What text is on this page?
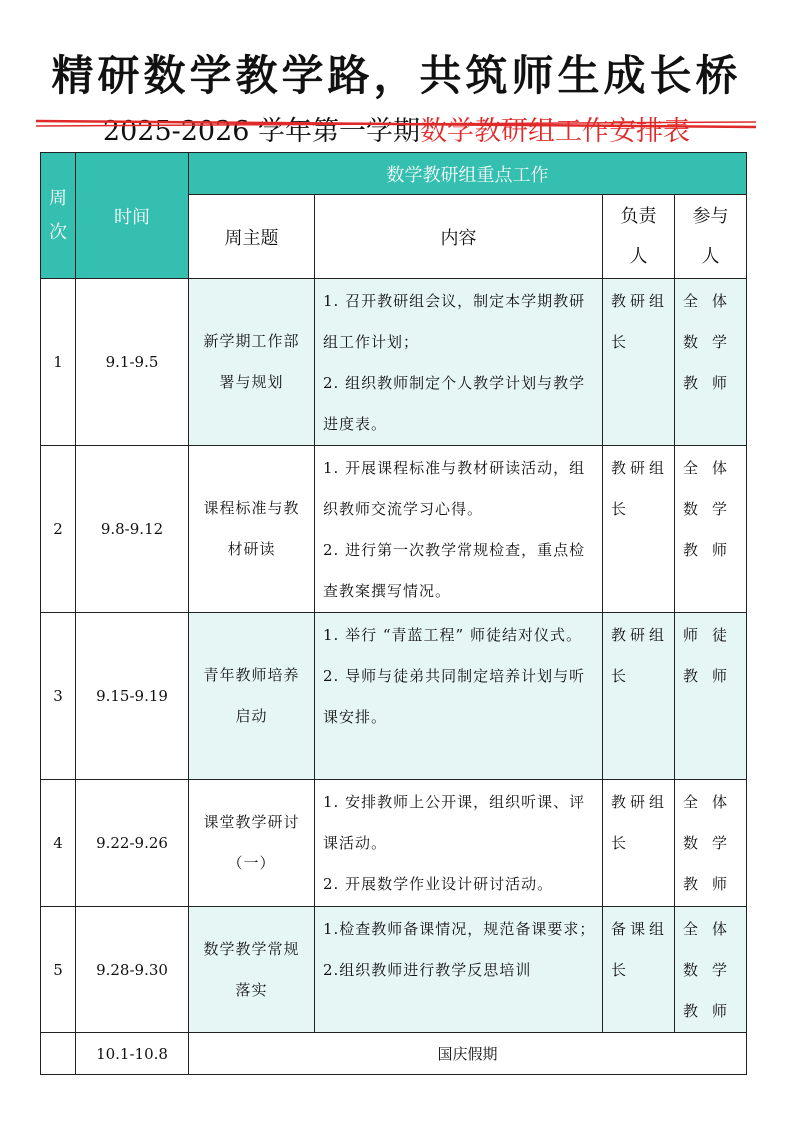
精研数学教学路，共筑师生成长桥
2025-2026 学年第一学期数学教研组工作安排表
周次	时间	数学教研组重点工作			
		周主题	内容	负责人	参与人

1	9.1-9.5	新学期工作部署与规划	1. 召开教研组会议，制定本学期教研组工作计划；
2. 组织教师制定个人教学计划与教学进度表。	教研组长	全体数学教师
2	9.8-9.12	课程标准与教材研读	1. 开展课程标准与教材研读活动，组织教师交流学习心得。
2. 进行第一次教学常规检查，重点检查教案撰写情况。	教研组长	全体数学教师
3	9.15-9.19	青年教师培养启动	1. 举行 “青蓝工程” 师徒结对仪式。
2. 导师与徒弟共同制定培养计划与听课安排。	教研组长	师徒教师
4	9.22-9.26	课堂教学研讨（一）	1. 安排教师上公开课，组织听课、评课活动。
2. 开展数学作业设计研讨活动。	教研组长	全体数学教师
5	9.28-9.30	数学教学常规落实	1.检查教师备课情况，规范备课要求；
2.组织教师进行教学反思培训	备课组长	全体数学教师
	10.1-10.8	国庆假期			
